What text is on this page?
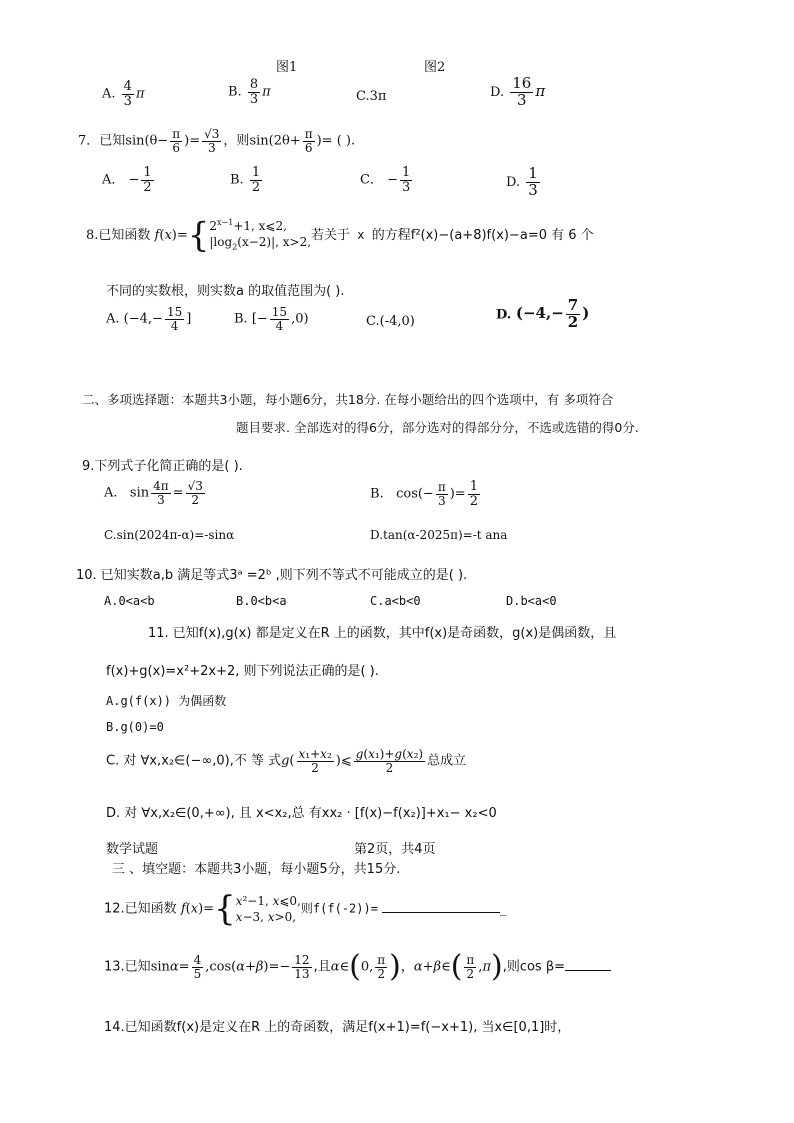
图1	图2
A. $\frac{4}{3}$ π	B. $\frac{8}{3}$ π	C.3π	D. $\frac{16}{3}$ π
7．已知$\sin(\theta- \frac{\pi}{6}$ )= $\frac{√3}{3}$ ，则$\sin(2\theta+ \frac{\pi}{6}$ )= ( ).
A． − $\frac{1}{2}$	B. $\frac{1}{2}$	C． − $\frac{1}{3}$	D. $\frac{1}{3}$
8.已知函数 f(x)={ $2^{x-1}+1$, x⩽2,
$|\log_2(x-2)|$, x>2, 若关于 x 的方程f²(x)−(a+8)f(x)−a=0 有 6 个
不同的实数根，则实数a 的取值范围为( ).
A. ($-4,- \frac{15}{4}$ ]	B. [− $\frac{15}{4} ,0$)	C.(-4,0)	D. ($-4,- \frac{7}{2}$ )
二、多项选择题：本题共3小题，每小题6分，共18分. 在每小题给出的四个选项中，有 多项符合
题目要求. 全部选对的得6分，部分选对的得部分分，不选或选错的得0分.
9.下列式子化简正确的是( ).
A.   $\sin \frac{4\pi}{3} = \frac{√3}{2}$	B.   $\cos(- \frac{\pi}{3}$ )= $\frac{1}{2}$
C.sin(2024π-α)=-sinα	D.tan(α-2025π)=-t ana
10. 已知实数a,b 满足等式3ᵃ =2ᵇ ,则下列不等式不可能成立的是( ).
A.0<a<b	B.0<b<a	C.a<b<0	D.b<a<0
11. 已知f(x),g(x) 都是定义在R 上的函数，其中f(x)是奇函数，g(x)是偶函数，且
f(x)+g(x)=x²+2x+2, 则下列说法正确的是( ).
A.g(f(x)) 为偶函数
B.g(0)=0
C. 对 ∀x,x₂∈(−∞,0),不 等 式$g( \frac{\text{x₁+x₂}}{2}$ )⩽ $\frac{\text{g(x₁)+g(x₂)}}{2}$ 总成立
D. 对 ∀x,x₂∈(0,+∞), 且 x<x₂,总 有xx₂ · [f(x)−f(x₂)]+x₁− x₂<0
数学试题	第2页，共4页
三 、填空题：本题共3小题，每小题5分，共15分.
12.已知函数 f(x)={ x²−1, x⩽0,
x−3, x>0,
则f(f(-2))=	_
13.已知$\sin\alpha= \frac{4}{5} ,\cos(\alpha+\beta)=- \frac{12}{13}$ ,且α∈(0, $\frac{\pi}{2}$ )，α+β∈( $\frac{\pi}{2} ,\pi$),则cos β=
14.已知函数f(x)是定义在R 上的奇函数，满足f(x+1)=f(−x+1), 当x∈[0,1]时，
